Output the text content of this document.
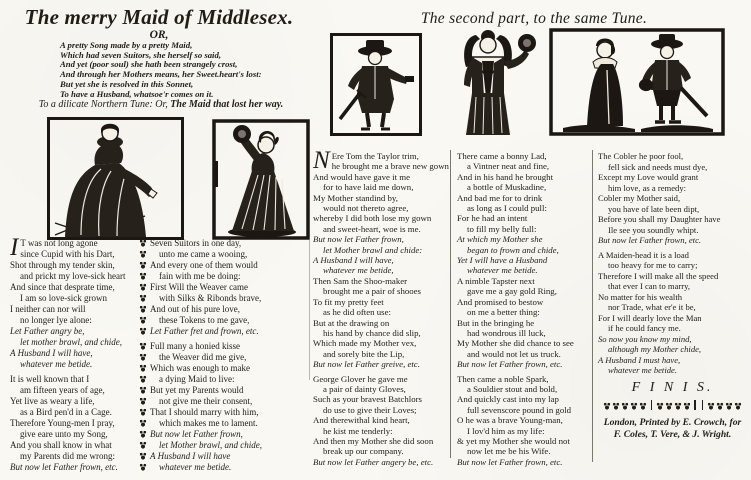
The merry Maid of Middlesex.
OR,
A pretty Song made by a pretty Maid,
Which had seven Suitors, she herself so said,
And yet (poor soul) she hath been strangely crost,
And through her Mothers means, her Sweet.heart's lost:
But yet she is resolved in this Sonnet,
To have a Husband, whatsoe'r comes on it.
To a dilicate Northern Tune: Or, The Maid that lost her way.
The second part, to the same Tune.
I T was not long agone
since Cupid with his Dart,
Shot through my tender skin,
and prickt my love-sick heart
And since that desprate time,
I am so love-sick grown
I neither can nor will
no longer lye alone:
Let Father angry be,
let mother brawl, and chide,
A Husband I will have,
whatever me betide.
It is well known that I
am fifteen years of age,
Yet live as weary a life,
as a Bird pen'd in a Cage.
Therefore Young-men I pray,
give eare unto my Song,
And you shall know in what
my Parents did me wrong:
But now let Father frown, etc.
Seven Suitors in one day,
unto me came a wooing,
And every one of them would
fain with me be doing:
First Will the Weaver came
with Silks & Ribonds brave,
And out of his pure love,
these Tokens to me gave,
Let Father fret and frown, etc.
Full many a honied kisse
the Weaver did me give,
Which was enough to make
a dying Maid to live:
But yet my Parents would
not give me their consent,
That I should marry with him,
which makes me to lament.
But now let Father frown,
let Mother brawl, and chide,
A Husband I will have
whatever me betide.
N Ere Tom the Taylor trim,
he brought me a brave new gown
And would have gave it me
for to have laid me down,
My Mother standind by,
would not thereto agree,
whereby I did both lose my gown
and sweet-heart, woe is me.
But now let Father frown,
let Mother brawl and chide:
A Husband I will have,
whatever me betide,
Then Sam the Shoo-maker
brought me a pair of shooes
To fit my pretty feet
as he did often use:
But at the drawing on
his hand by chance did slip,
Which made my Mother vex,
and sorely bite the Lip,
But now let Father greive, etc.
George Glover he gave me
a pair of dainty Gloves,
Such as your bravest Batchlors
do use to give their Loves;
And therewithal kind heart,
he kist me tenderly:
And then my Mother she did soon
break up our company.
But now let Father angery be, etc.
There came a bonny Lad,
a Vintner neat and fine,
And in his hand he brought
a bottle of Muskadine,
And bad me for to drink
as long as I could pull:
For he had an intent
to fill my belly full:
At which my Mother she
began to frown and chide,
Yet I will have a Husband
whatever me betide.
A nimble Tapster next
gave me a gay gold Ring,
And promised to bestow
on me a better thing:
But in the bringing he
had wondrous ill luck,
My Mother she did chance to see
and would not let us truck.
But now let Father frown, etc.
Then came a noble Spark,
a Souldier stout and bold,
And quickly cast into my lap
full sevenscore pound in gold
O he was a brave Young-man,
I lov'd him as my life:
& yet my Mother she would not
now let me be his Wife.
But now let Father frown, etc.
The Cobler he poor fool,
fell sick and needs must dye,
Except my Love would grant
him love, as a remedy:
Cobler my Mother said,
you have of late been dipt,
Before you shall my Daughter have
Ile see you soundly whipt.
But now let Father frown, etc.
A Maiden-head it is a load
too heavy for me to carry;
Therefore I will make all the speed
that ever I can to marry,
No matter for his wealth
nor Trade, what er'e it be,
For I will dearly love the Man
if he could fancy me.
So now you know my mind,
although my Mother chide,
A Husband I must have,
whatever me betide.
F I N I S.
London, Printed by E. Crowch, for
F. Coles, T. Vere, & J. Wright.
